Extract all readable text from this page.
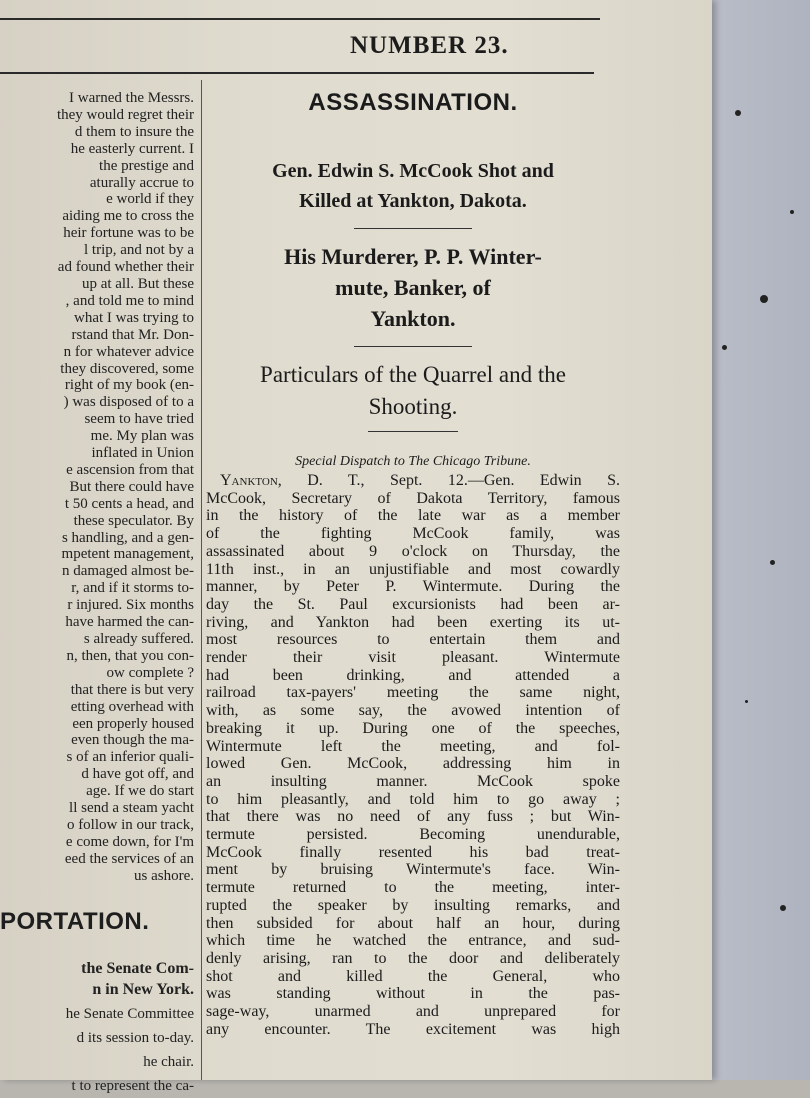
NUMBER 23.
I warned the Messrs.
they would regret their
d them to insure the
he easterly current. I
the prestige and
aturally accrue to
e world if they
aiding me to cross the
heir fortune was to be
l trip, and not by a
ad found whether their
up at all. But these
, and told me to mind
what I was trying to
rstand that Mr. Don-
n for whatever advice
they discovered, some
right of my book (en-
) was disposed of to a
seem to have tried
me. My plan was
inflated in Union
e ascension from that
But there could have
t 50 cents a head, and
these speculator. By
s handling, and a gen-
mpetent management,
n damaged almost be-
r, and if it storms to-
r injured. Six months
have harmed the can-
s already suffered.
n, then, that you con-
ow complete ?
that there is but very
etting overhead with
een properly housed
even though the ma-
s of an inferior quali-
d have got off, and
age. If we do start
ll send a steam yacht
o follow in our track,
e come down, for I'm
eed the services of an
us ashore.
PORTATION.
the Senate Com-
n in New York.
he Senate Committee
d its session to-day.
he chair.
t to represent the ca-
ASSASSINATION.
Gen. Edwin S. McCook Shot and
Killed at Yankton, Dakota.
His Murderer, P. P. Winter-
mute, Banker, of
Yankton.
Particulars of the Quarrel and the
Shooting.
Special Dispatch to The Chicago Tribune.
Yankton, D. T., Sept. 12.—Gen. Edwin S.
McCook, Secretary of Dakota Territory, famous
in the history of the late war as a member
of the fighting McCook family, was
assassinated about 9 o'clock on Thursday, the
11th inst., in an unjustifiable and most cowardly
manner, by Peter P. Wintermute. During the
day the St. Paul excursionists had been ar-
riving, and Yankton had been exerting its ut-
most resources to entertain them and
render their visit pleasant. Wintermute
had been drinking, and attended a
railroad tax-payers' meeting the same night,
with, as some say, the avowed intention of
breaking it up. During one of the speeches,
Wintermute left the meeting, and fol-
lowed Gen. McCook, addressing him in
an insulting manner. McCook spoke
to him pleasantly, and told him to go away ;
that there was no need of any fuss ; but Win-
termute persisted. Becoming unendurable,
McCook finally resented his bad treat-
ment by bruising Wintermute's face. Win-
termute returned to the meeting, inter-
rupted the speaker by insulting remarks, and
then subsided for about half an hour, during
which time he watched the entrance, and sud-
denly arising, ran to the door and deliberately
shot and killed the General, who
was standing without in the pas-
sage-way, unarmed and unprepared for
any encounter. The excitement was high
